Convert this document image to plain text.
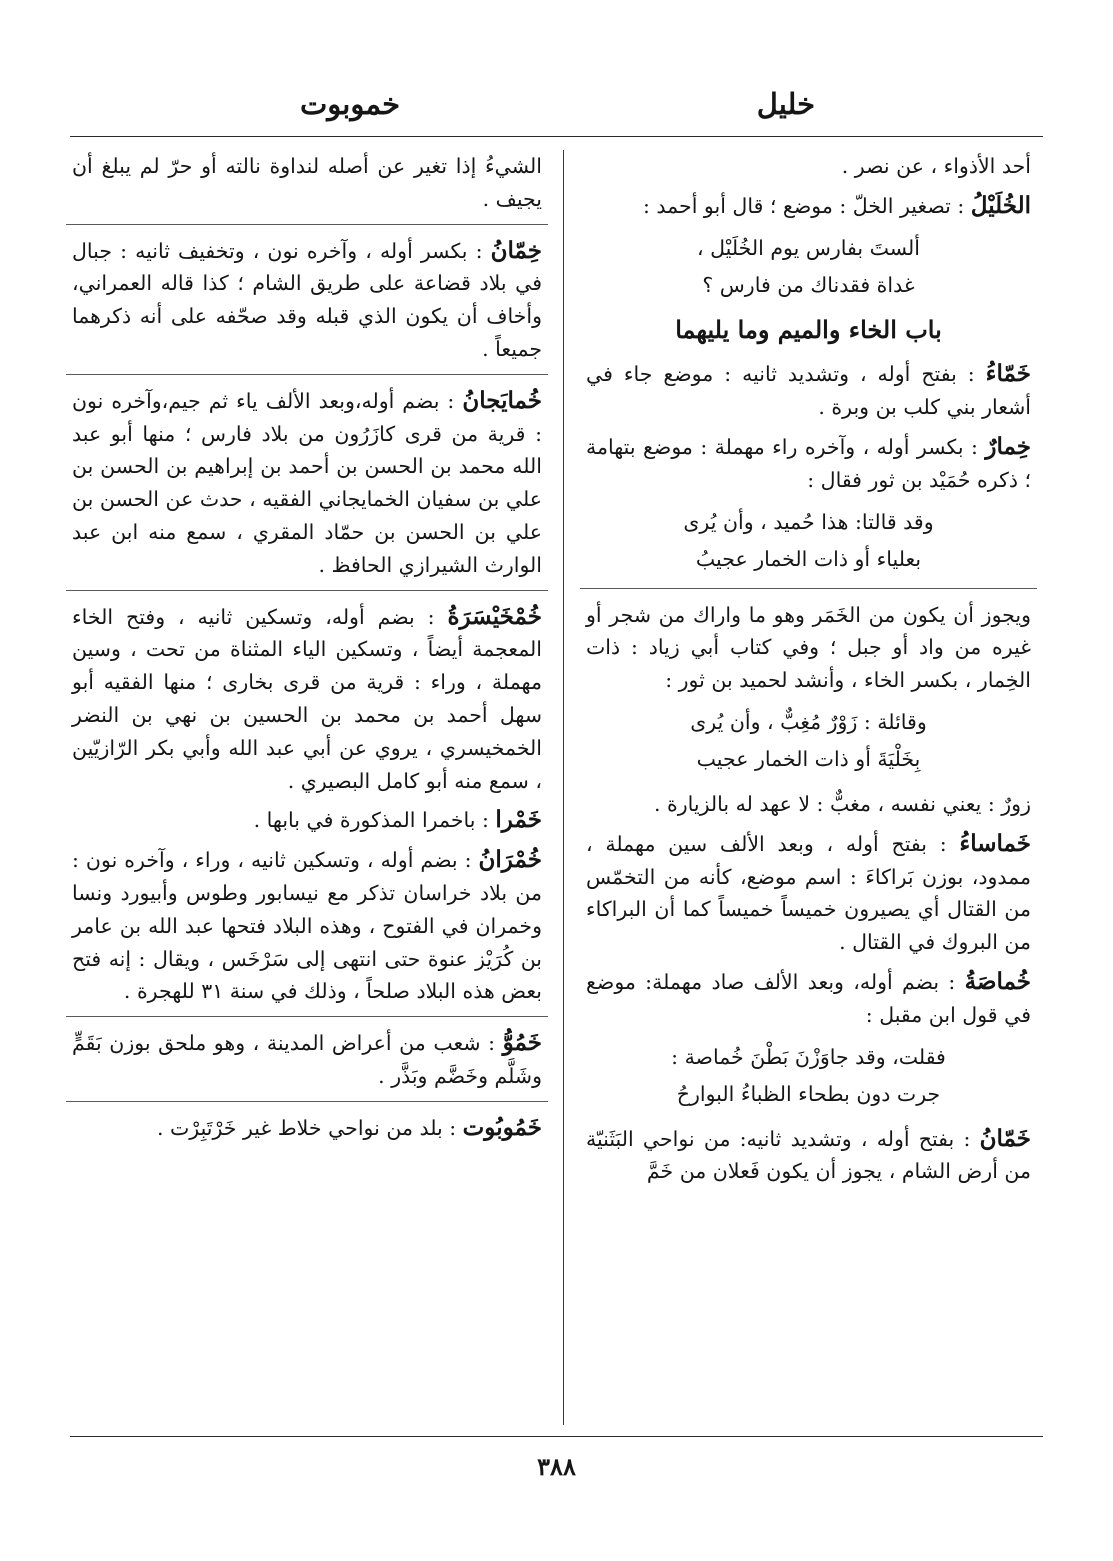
خليل
خموبوت

أحد الأذواء ، عن نصر .

الخُلَيْلُ : تصغير الخلّ : موضع ؛ قال أبو أحمد :

ألستَ بفارس يوم الخُلَيْل ،
غداة فقدناك من فارس ؟
باب الخاء والميم وما يليهما

خَمّاءُ : بفتح أوله ، وتشديد ثانيه : موضع جاء في أشعار بني كلب بن وبرة .

خِمارٌ : بكسر أوله ، وآخره راء مهملة : موضع بتهامة ؛ ذكره حُمَيْد بن ثور فقال :

وقد قالتا: هذا حُميد ، وأن يُرى
بعلياء أو ذات الخمار عجيبُ

ويجوز أن يكون من الخَمَر وهو ما واراك من شجر أو غيره من واد أو جبل ؛ وفي كتاب أبي زياد : ذات الخِمار ، بكسر الخاء ، وأنشد لحميد بن ثور :

وقائلة : زَوْرٌ مُغِبٌّ ، وأن يُرى
بِخَلْيَةَ أو ذات الخمار عجيب

زورٌ : يعني نفسه ، مغبٌّ : لا عهد له بالزيارة .

خَماساءُ : بفتح أوله ، وبعد الألف سين مهملة ، ممدود، بوزن بَراكاءَ : اسم موضع، كأنه من التخمّس من القتال أي يصيرون خميساً خميساً كما أن البراكاء من البروك في القتال .

خُماصَةُ : بضم أوله، وبعد الألف صاد مهملة: موضع في قول ابن مقبل :

فقلت، وقد جاوَزْنَ بَطْنَ خُماصة :
جرت دون بطحاء الظباءُ البوارحُ

خَمّانُ : بفتح أوله ، وتشديد ثانيه: من نواحي البَثَنيّة من أرض الشام ، يجوز أن يكون فَعلان من خَمَّ

الشيءُ إذا تغير عن أصله لنداوة نالته أو حرّ لم يبلغ أن يجيف .

خِمّانُ : بكسر أوله ، وآخره نون ، وتخفيف ثانيه : جبال في بلاد قضاعة على طريق الشام ؛ كذا قاله العمراني، وأخاف أن يكون الذي قبله وقد صحّفه على أنه ذكرهما جميعاً .

خُمايَجانُ : بضم أوله،وبعد الألف ياء ثم جيم،وآخره نون : قرية من قرى كازَرُون من بلاد فارس ؛ منها أبو عبد الله محمد بن الحسن بن أحمد بن إبراهيم بن الحسن بن علي بن سفيان الخمايجاني الفقيه ، حدث عن الحسن بن علي بن الحسن بن حمّاد المقري ، سمع منه ابن عبد الوارث الشيرازي الحافظ .

خُمْخَيْسَرَةُ : بضم أوله، وتسكين ثانيه ، وفتح الخاء المعجمة أيضاً ، وتسكين الياء المثناة من تحت ، وسين مهملة ، وراء : قرية من قرى بخارى ؛ منها الفقيه أبو سهل أحمد بن محمد بن الحسين بن نهي بن النضر الخمخيسري ، يروي عن أبي عبد الله وأبي بكر الرّازيّين ، سمع منه أبو كامل البصيري .

خَمْرا : باخمرا المذكورة في بابها .

خُمْرَانُ : بضم أوله ، وتسكين ثانيه ، وراء ، وآخره نون : من بلاد خراسان تذكر مع نيسابور وطوس وأبيورد ونسا وخمران في الفتوح ، وهذه البلاد فتحها عبد الله بن عامر بن كُرَيْز عنوة حتى انتهى إلى سَرْخَس ، ويقال : إنه فتح بعض هذه البلاد صلحاً ، وذلك في سنة ٣١ للهجرة .

خَمُوُّ : شعب من أعراض المدينة ، وهو ملحق بوزن بَقَمٍّ وشَلَّم وخَضَّم وبَذَّر .

خَمُوبُوت : بلد من نواحي خلاط غير خَرْتَبِرْت .

٣٨٨
